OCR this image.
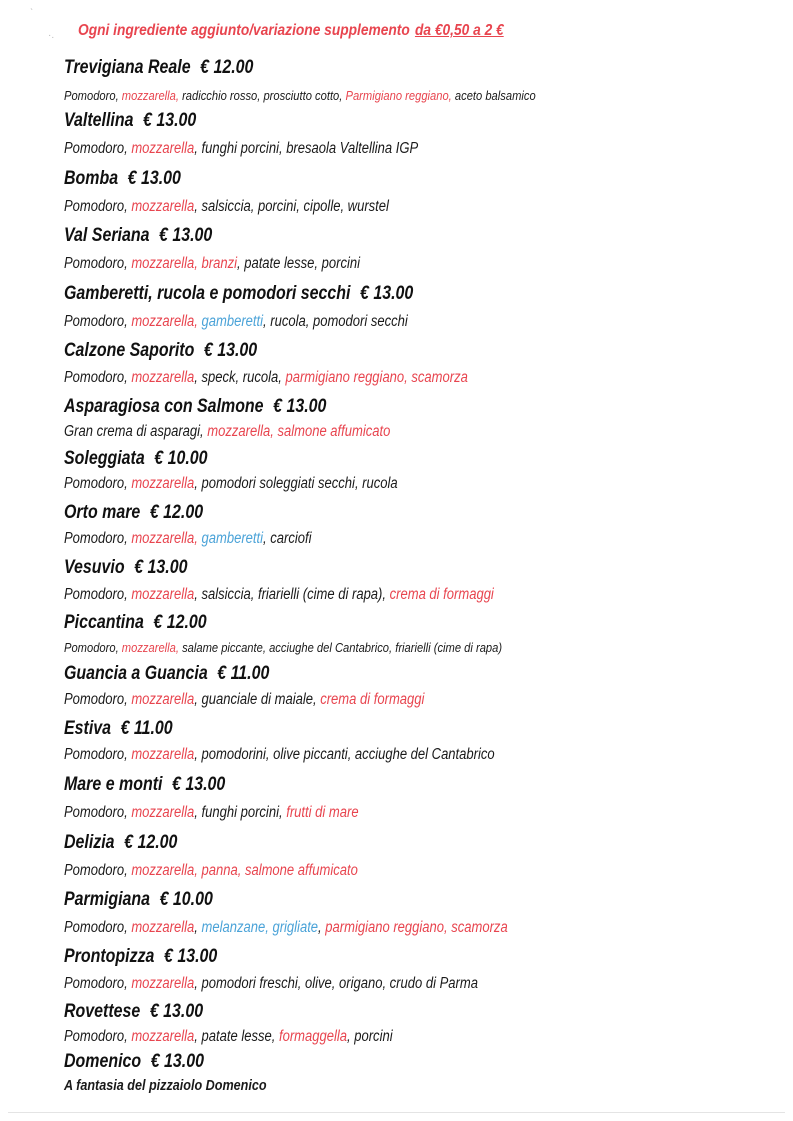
ˋ
·. Ogni ingrediente aggiunto/variazione supplemento da €0,50 a 2 €
Trevigiana Reale € 12.00
Pomodoro, mozzarella, radicchio rosso, prosciutto cotto, Parmigiano reggiano, aceto balsamico
Valtellina € 13.00
Pomodoro, mozzarella, funghi porcini, bresaola Valtellina IGP
Bomba € 13.00
Pomodoro, mozzarella, salsiccia, porcini, cipolle, wurstel
Val Seriana € 13.00
Pomodoro, mozzarella, branzi, patate lesse, porcini
Gamberetti, rucola e pomodori secchi € 13.00
Pomodoro, mozzarella, gamberetti, rucola, pomodori secchi
Calzone Saporito € 13.00
Pomodoro, mozzarella, speck, rucola, parmigiano reggiano, scamorza
Asparagiosa con Salmone € 13.00
Gran crema di asparagi, mozzarella, salmone affumicato
Soleggiata € 10.00
Pomodoro, mozzarella, pomodori soleggiati secchi, rucola
Orto mare € 12.00
Pomodoro, mozzarella, gamberetti, carciofi
Vesuvio € 13.00
Pomodoro, mozzarella, salsiccia, friarielli (cime di rapa), crema di formaggi
Piccantina € 12.00
Pomodoro, mozzarella, salame piccante, acciughe del Cantabrico, friarielli (cime di rapa)
Guancia a Guancia € 11.00
Pomodoro, mozzarella, guanciale di maiale, crema di formaggi
Estiva € 11.00
Pomodoro, mozzarella, pomodorini, olive piccanti, acciughe del Cantabrico
Mare e monti € 13.00
Pomodoro, mozzarella, funghi porcini, frutti di mare
Delizia € 12.00
Pomodoro, mozzarella, panna, salmone affumicato
Parmigiana € 10.00
Pomodoro, mozzarella, melanzane, grigliate, parmigiano reggiano, scamorza
Prontopizza € 13.00
Pomodoro, mozzarella, pomodori freschi, olive, origano, crudo di Parma
Rovettese € 13.00
Pomodoro, mozzarella, patate lesse, formaggella, porcini
Domenico € 13.00
A fantasia del pizzaiolo Domenico
